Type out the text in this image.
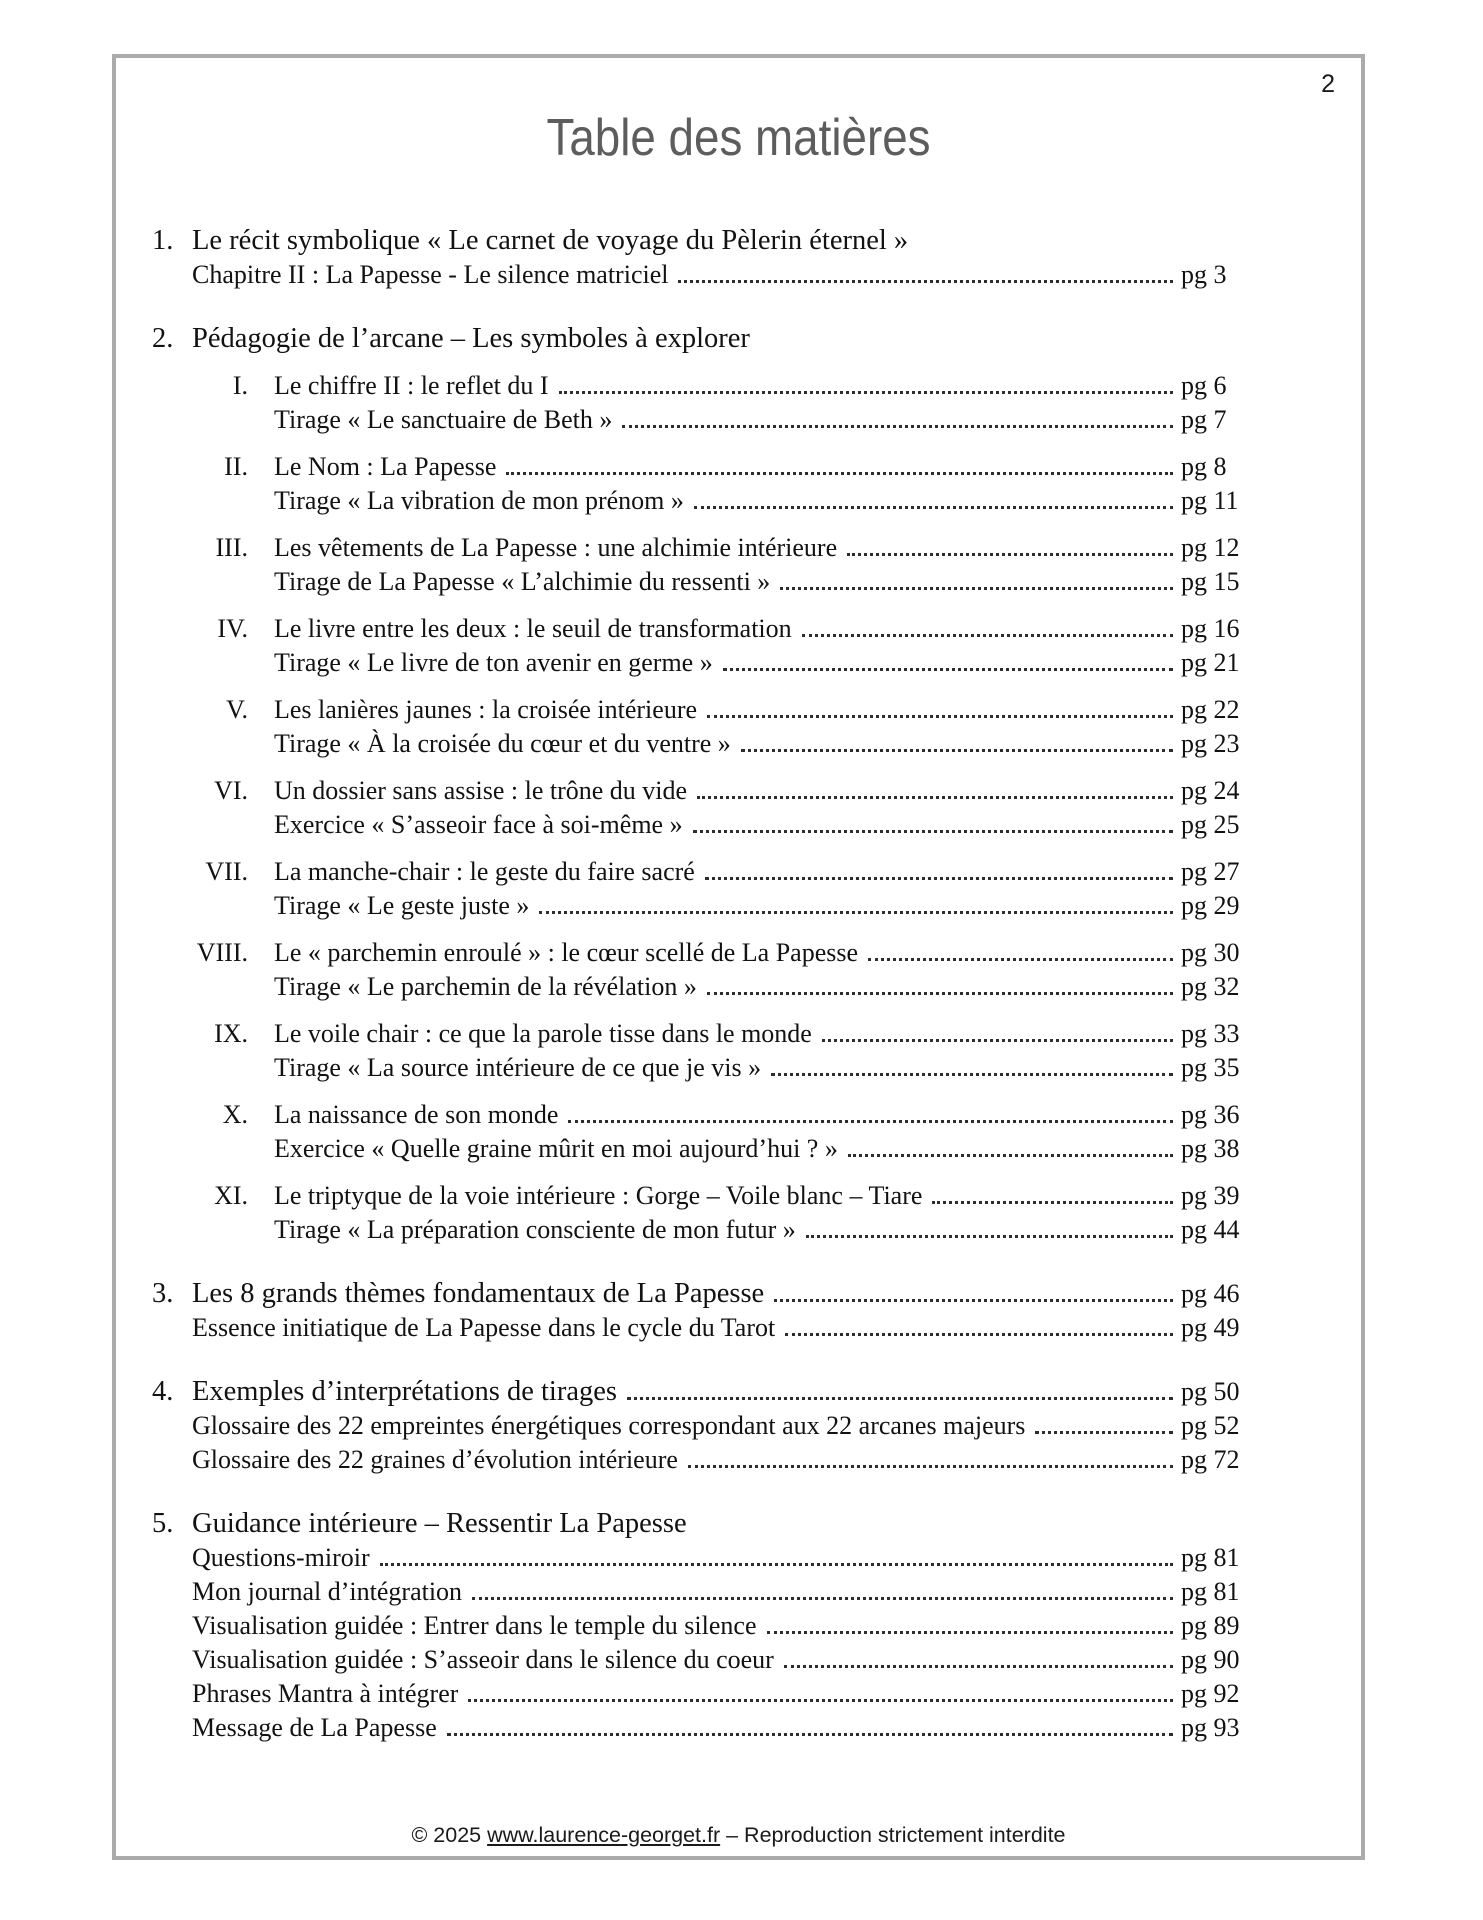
2
Table des matières
1. Le récit symbolique « Le carnet de voyage du Pèlerin éternel »
Chapitre II : La Papesse - Le silence matriciel	pg 3
2. Pédagogie de l’arcane – Les symboles à explorer
I. Le chiffre II : le reflet du I	pg 6
Tirage « Le sanctuaire de Beth »	pg 7
II. Le Nom : La Papesse	pg 8
Tirage « La vibration de mon prénom »	pg 11
III. Les vêtements de La Papesse : une alchimie intérieure	pg 12
Tirage de La Papesse « L’alchimie du ressenti »	pg 15
IV. Le livre entre les deux : le seuil de transformation	pg 16
Tirage « Le livre de ton avenir en germe »	pg 21
V. Les lanières jaunes : la croisée intérieure	pg 22
Tirage « À la croisée du cœur et du ventre »	pg 23
VI. Un dossier sans assise : le trône du vide	pg 24
Exercice « S’asseoir face à soi-même »	pg 25
VII. La manche-chair : le geste du faire sacré	pg 27
Tirage « Le geste juste »	pg 29
VIII. Le « parchemin enroulé » : le cœur scellé de La Papesse	pg 30
Tirage « Le parchemin de la révélation »	pg 32
IX. Le voile chair : ce que la parole tisse dans le monde	pg 33
Tirage « La source intérieure de ce que je vis »	pg 35
X. La naissance de son monde	pg 36
Exercice « Quelle graine mûrit en moi aujourd’hui ? »	pg 38
XI. Le triptyque de la voie intérieure : Gorge – Voile blanc – Tiare	pg 39
Tirage « La préparation consciente de mon futur »	pg 44
3. Les 8 grands thèmes fondamentaux de La Papesse	pg 46
Essence initiatique de La Papesse dans le cycle du Tarot	pg 49
4. Exemples d’interprétations de tirages	pg 50
Glossaire des 22 empreintes énergétiques correspondant aux 22 arcanes majeurs	pg 52
Glossaire des 22 graines d’évolution intérieure	pg 72
5. Guidance intérieure – Ressentir La Papesse
Questions-miroir	pg 81
Mon journal d’intégration	pg 81
Visualisation guidée : Entrer dans le temple du silence	pg 89
Visualisation guidée : S’asseoir dans le silence du coeur	pg 90
Phrases Mantra à intégrer	pg 92
Message de La Papesse	pg 93
© 2025 www.laurence-georget.fr – Reproduction strictement interdite
